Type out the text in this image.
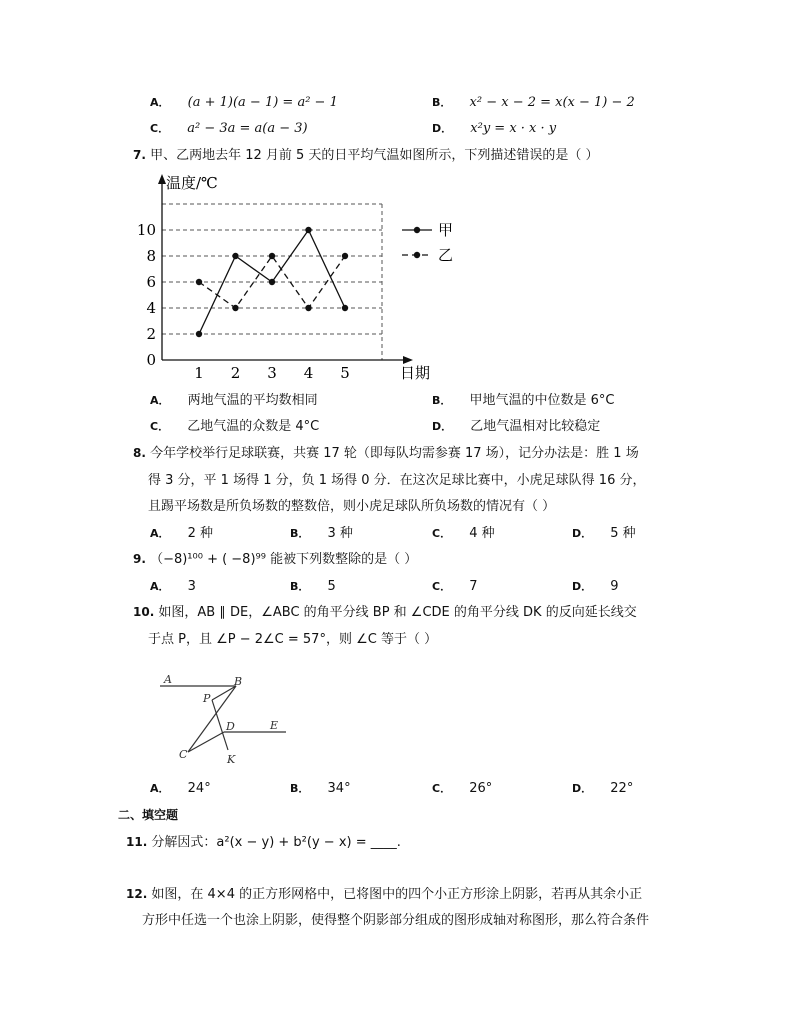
A． (a + 1)(a − 1) = a² − 1	B． x² − x − 2 = x(x − 1) − 2
C． a² − 3a = a(a − 3)	D． x²y = x · x · y
7. 甲、乙两地去年 12 月前 5 天的日平均气温如图所示，下列描述错误的是（ ）
0
2
4
6
8
10
1 2 3 4 5
温度/℃
日期
甲
乙
A． 两地气温的平均数相同	B． 甲地气温的中位数是 6°C
C． 乙地气温的众数是 4°C	D． 乙地气温相对比较稳定
8. 今年学校举行足球联赛，共赛 17 轮（即每队均需参赛 17 场），记分办法是：胜 1 场
得 3 分，平 1 场得 1 分，负 1 场得 0 分．在这次足球比赛中，小虎足球队得 16 分，
且踢平场数是所负场数的整数倍，则小虎足球队所负场数的情况有（ ）
A． 2 种	B． 3 种	C． 4 种	D． 5 种
9. （−8)¹⁰⁰ + ( −8)⁹⁹ 能被下列数整除的是（ ）
A． 3	B． 5	C． 7	D． 9
10. 如图，AB ∥ DE，∠ABC 的角平分线 BP 和 ∠CDE 的角平分线 DK 的反向延长线交
于点 P，且 ∠P − 2∠C = 57°，则 ∠C 等于（ ）
A	B
P
D	E
C	K
A． 24°	B． 34°	C． 26°	D． 22°
二、填空题
11. 分解因式：a²(x − y) + b²(y − x) = ____.
12. 如图，在 4×4 的正方形网格中，已将图中的四个小正方形涂上阴影，若再从其余小正
方形中任选一个也涂上阴影，使得整个阴影部分组成的图形成轴对称图形，那么符合条件
